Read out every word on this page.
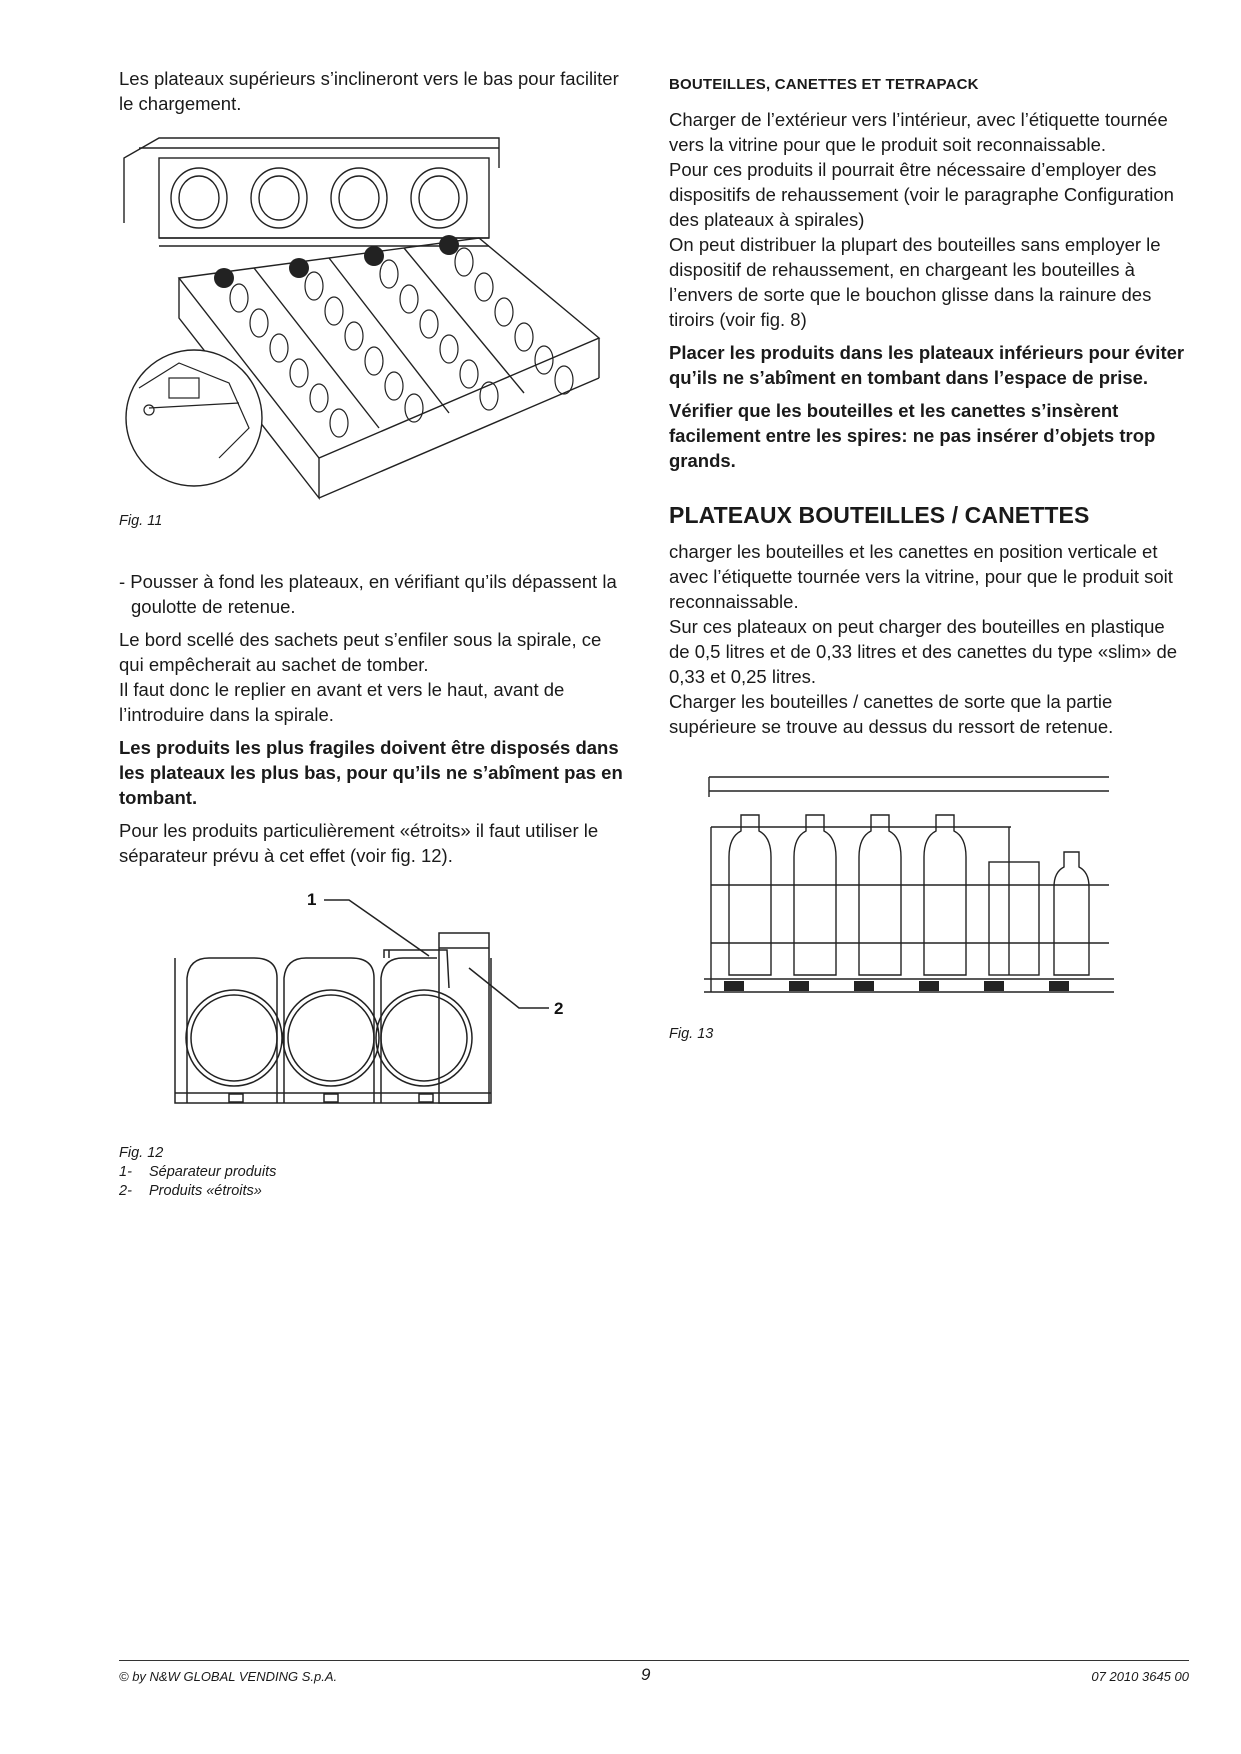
Les plateaux supérieurs s’inclineront vers le bas pour faciliter le chargement.

Fig. 11

- Pousser à fond les plateaux, en vérifiant qu’ils dépassent la goulotte de retenue.

Le bord scellé des sachets peut s’enfiler sous la spirale, ce qui empêcherait au sachet de tomber.

Il faut donc le replier en avant et vers le haut, avant de l’introduire dans la spirale.

Les produits les plus fragiles doivent être disposés dans les plateaux les plus bas, pour qu’ils ne s’abîment pas en tombant.

Pour les produits particulièrement «étroits» il faut utiliser le séparateur prévu à cet effet (voir fig. 12).

1
2
Fig. 12
1- Séparateur produits
2- Produits «étroits»
BOUTEILLES, CANETTES ET TETRAPACK

Charger de l’extérieur vers l’intérieur, avec l’étiquette tournée vers la vitrine pour que le produit soit reconnaissable.

Pour ces produits il pourrait être nécessaire d’employer des dispositifs de rehaussement (voir le paragraphe Configuration des plateaux à spirales)

On peut distribuer la plupart des bouteilles sans employer le dispositif de rehaussement, en chargeant les bouteilles à l’envers de sorte que le bouchon glisse dans la rainure des tiroirs (voir fig. 8)

Placer les produits dans les plateaux inférieurs pour éviter qu’ils ne s’abîment en tombant dans l’espace de prise.

Vérifier que les bouteilles et les canettes s’insèrent facilement entre les spires: ne pas insérer d’objets trop grands.

PLATEAUX BOUTEILLES / CANETTES

charger les bouteilles et les canettes en position verticale et avec l’étiquette tournée vers la vitrine, pour que le produit soit reconnaissable.

Sur ces plateaux on peut charger des bouteilles en plastique de 0,5 litres et de 0,33 litres et des canettes du type «slim» de 0,33 et 0,25 litres.

Charger les bouteilles / canettes de sorte que la partie supérieure se trouve au dessus du ressort de retenue.

Fig. 13
© by N&W GLOBAL VENDING S.p.A.	9	07 2010 3645 00
